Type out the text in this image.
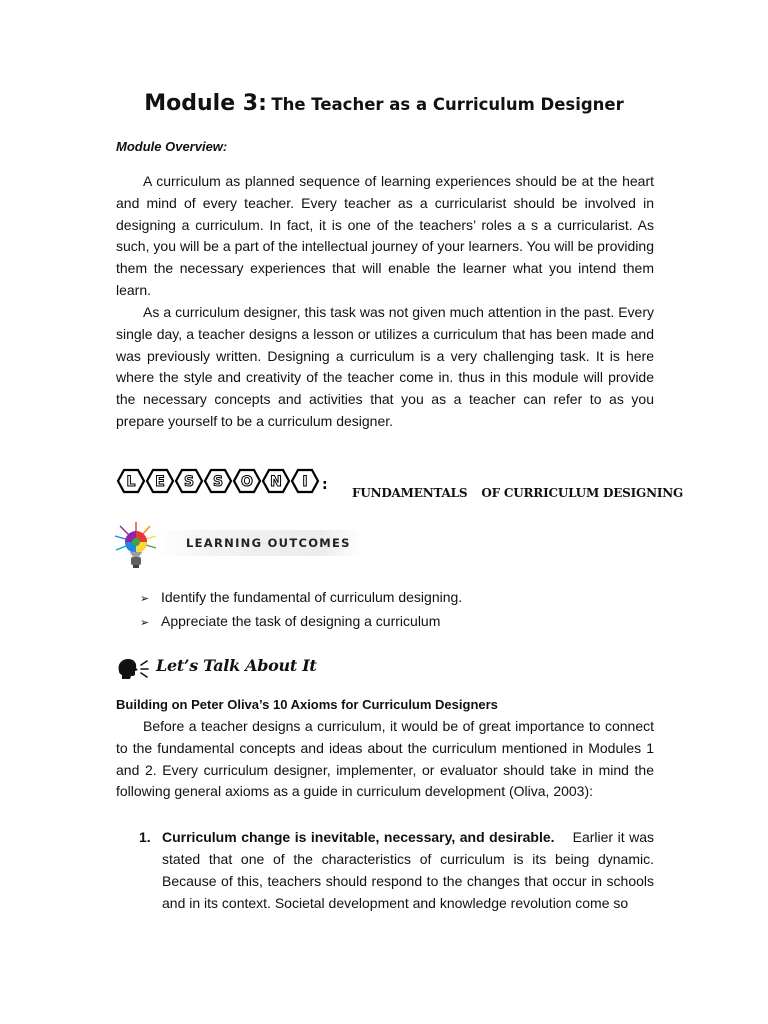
Module 3: The Teacher as a Curriculum Designer
Module Overview:
A curriculum as planned sequence of learning experiences should be at the heart and mind of every teacher. Every teacher as a curricularist should be involved in designing a curriculum. In fact, it is one of the teachers’ roles a s a curricularist. As such, you will be a part of the intellectual journey of your learners. You will be providing them the necessary experiences that will enable the learner what you intend them learn.
As a curriculum designer, this task was not given much attention in the past. Every single day, a teacher designs a lesson or utilizes a curriculum that has been made and was previously written. Designing a curriculum is a very challenging task. It is here where the style and creativity of the teacher come in. thus in this module will provide the necessary concepts and activities that you as a teacher can refer to as you prepare yourself to be a curriculum designer.
L E S S O N I : FUNDAMENTALS OF CURRICULUM DESIGNING
LEARNING OUTCOMES
➢ Identify the fundamental of curriculum designing.
➢ Appreciate the task of designing a curriculum
Let’s Talk About It
Building on Peter Oliva’s 10 Axioms for Curriculum Designers
Before a teacher designs a curriculum, it would be of great importance to connect to the fundamental concepts and ideas about the curriculum mentioned in Modules 1 and 2. Every curriculum designer, implementer, or evaluator should take in mind the following general axioms as a guide in curriculum development (Oliva, 2003):
1. Curriculum change is inevitable, necessary, and desirable. Earlier it was stated that one of the characteristics of curriculum is its being dynamic. Because of this, teachers should respond to the changes that occur in schools and in its context. Societal development and knowledge revolution come so
